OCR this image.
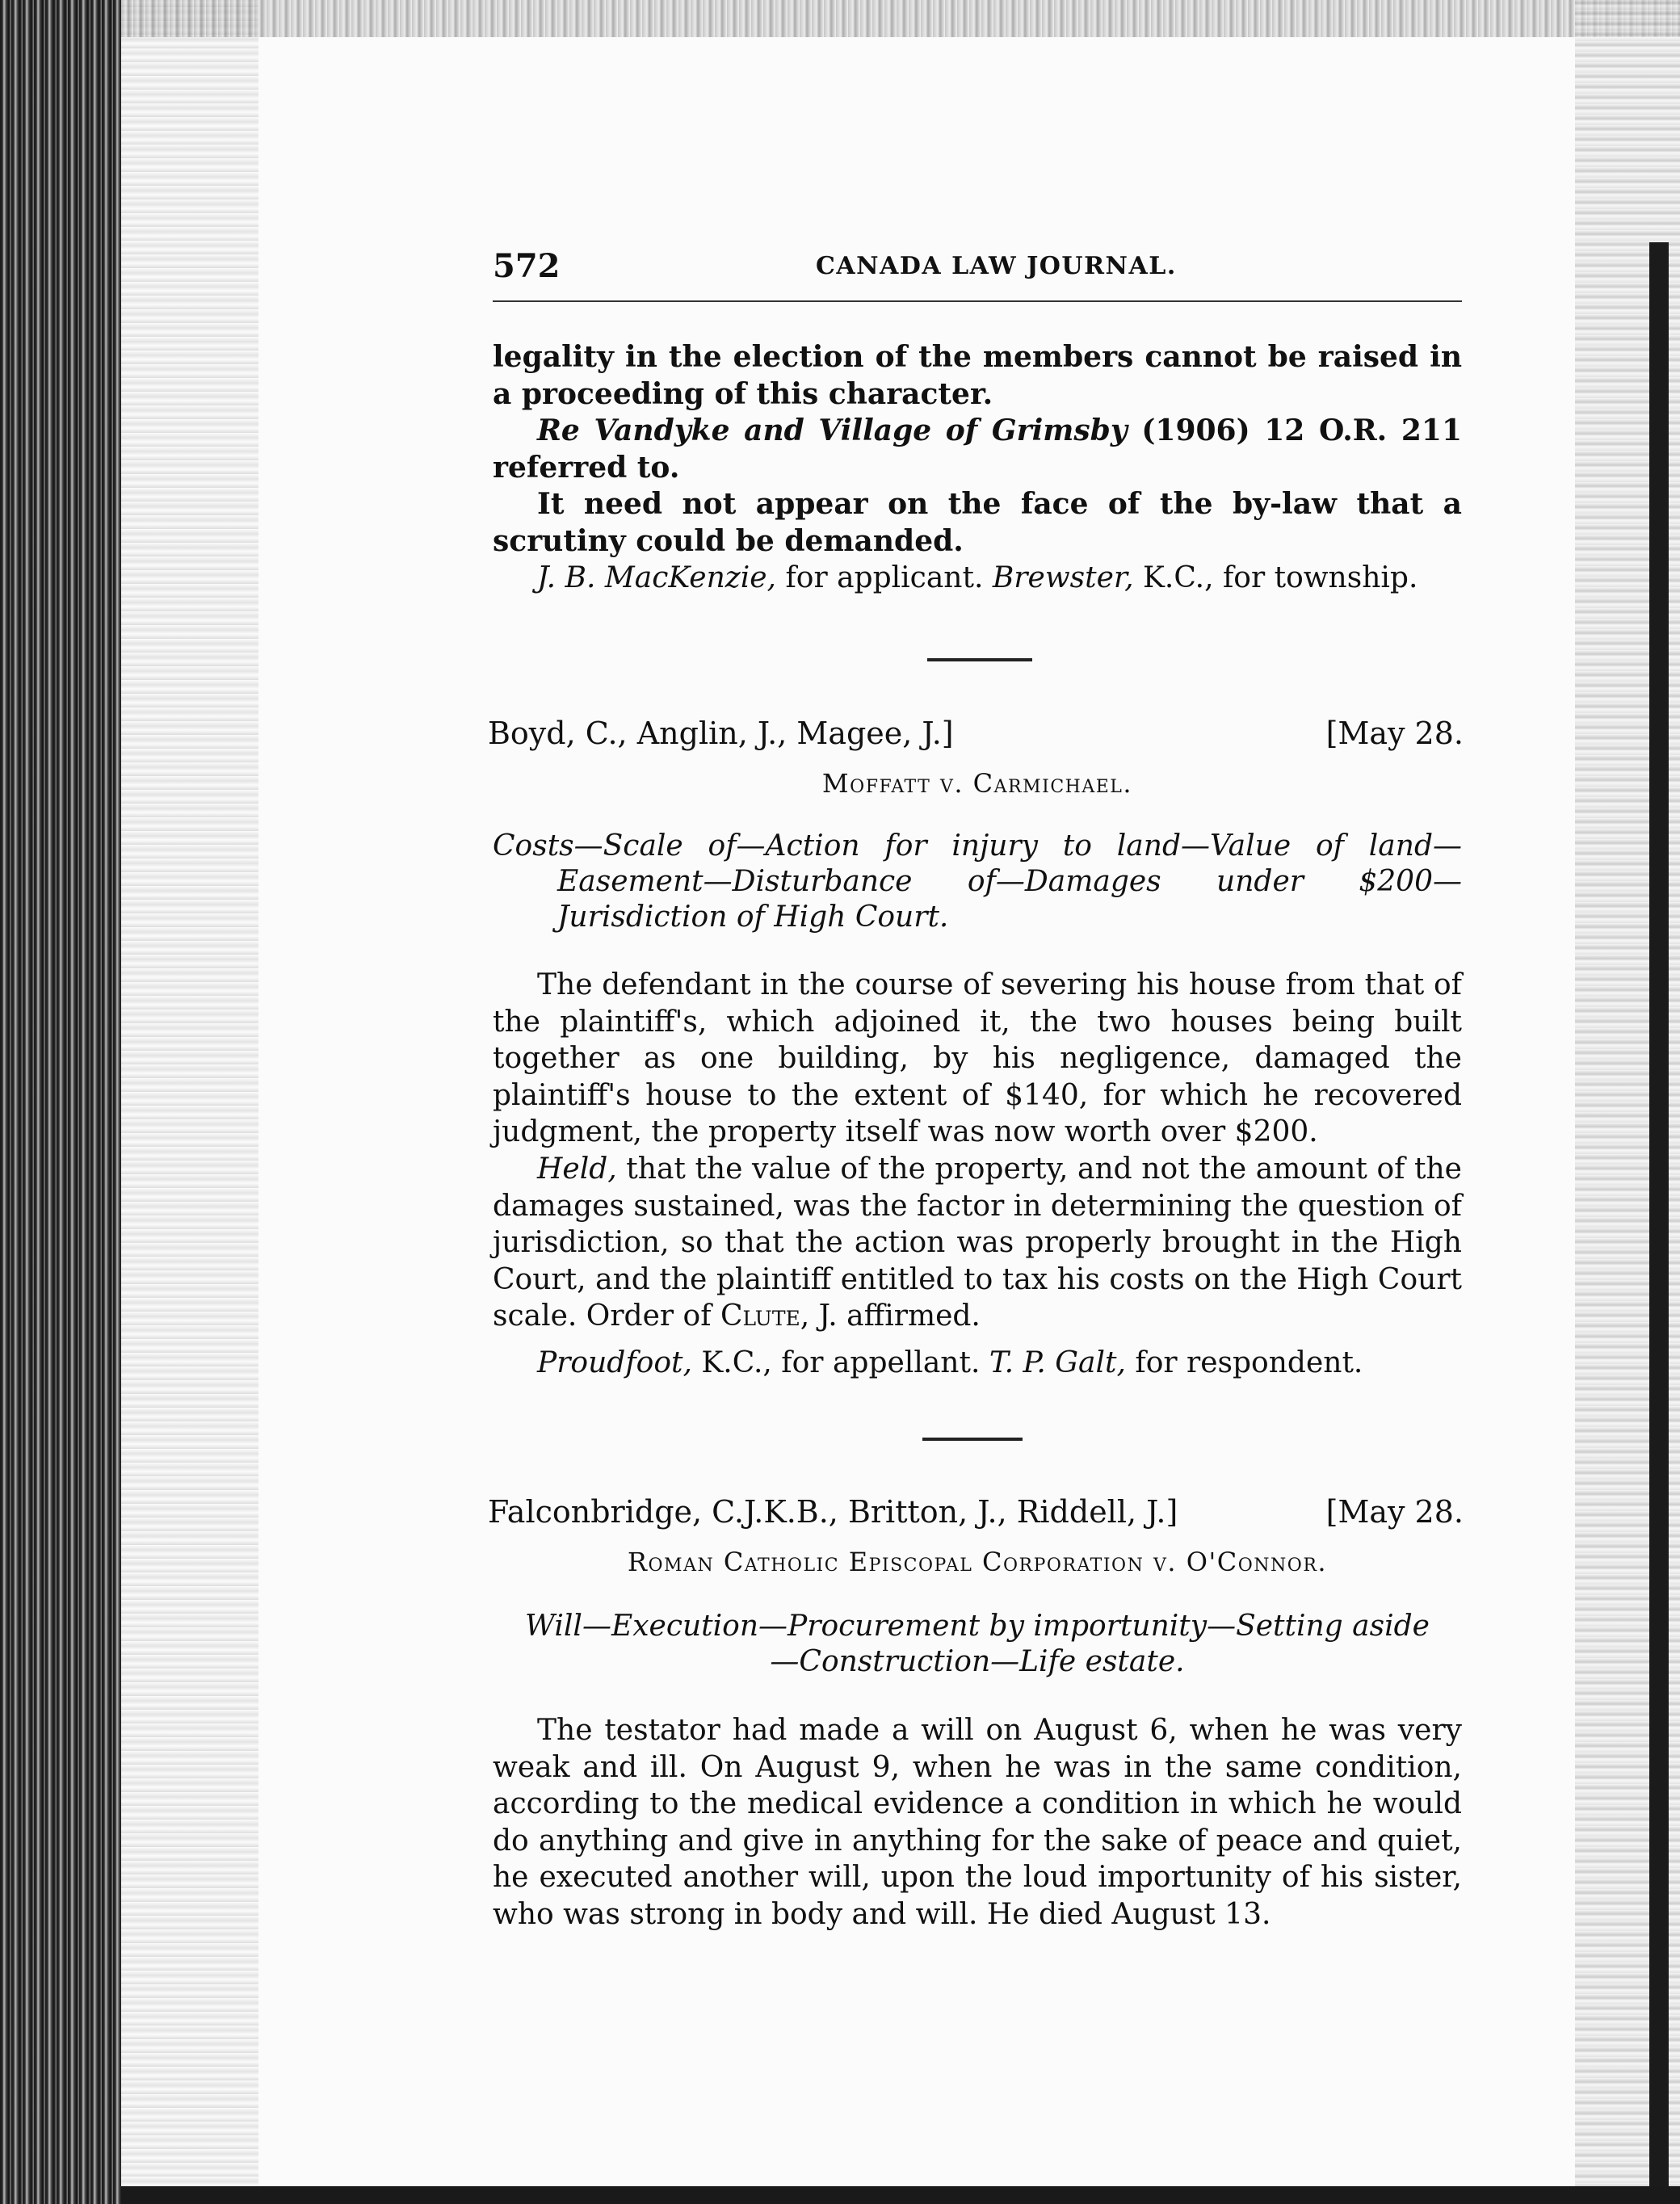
572	CANADA LAW JOURNAL.

legality in the election of the members cannot be raised in a proceeding of this character.

Re Vandyke and Village of Grimsby (1906) 12 O.R. 211 referred to.

It need not appear on the face of the by-law that a scrutiny could be demanded.

J. B. MacKenzie, for applicant. Brewster, K.C., for township.

Boyd, C., Anglin, J., Magee, J.]	[May 28.
Moffatt v. Carmichael.
Costs—Scale of—Action for injury to land—Value of land—Easement—Disturbance of—Damages under $200—Jurisdiction of High Court.

The defendant in the course of severing his house from that of the plaintiff's, which adjoined it, the two houses being built together as one building, by his negligence, damaged the plaintiff's house to the extent of $140, for which he recovered judgment, the property itself was now worth over $200.

Held, that the value of the property, and not the amount of the damages sustained, was the factor in determining the question of jurisdiction, so that the action was properly brought in the High Court, and the plaintiff entitled to tax his costs on the High Court scale. Order of Clute, J. affirmed.

Proudfoot, K.C., for appellant. T. P. Galt, for respondent.

Falconbridge, C.J.K.B., Britton, J., Riddell, J.]	[May 28.
Roman Catholic Episcopal Corporation v. O'Connor.
Will—Execution—Procurement by importunity—Setting aside—Construction—Life estate.

The testator had made a will on August 6, when he was very weak and ill. On August 9, when he was in the same condition, according to the medical evidence a condition in which he would do anything and give in anything for the sake of peace and quiet, he executed another will, upon the loud importunity of his sister, who was strong in body and will. He died August 13.
